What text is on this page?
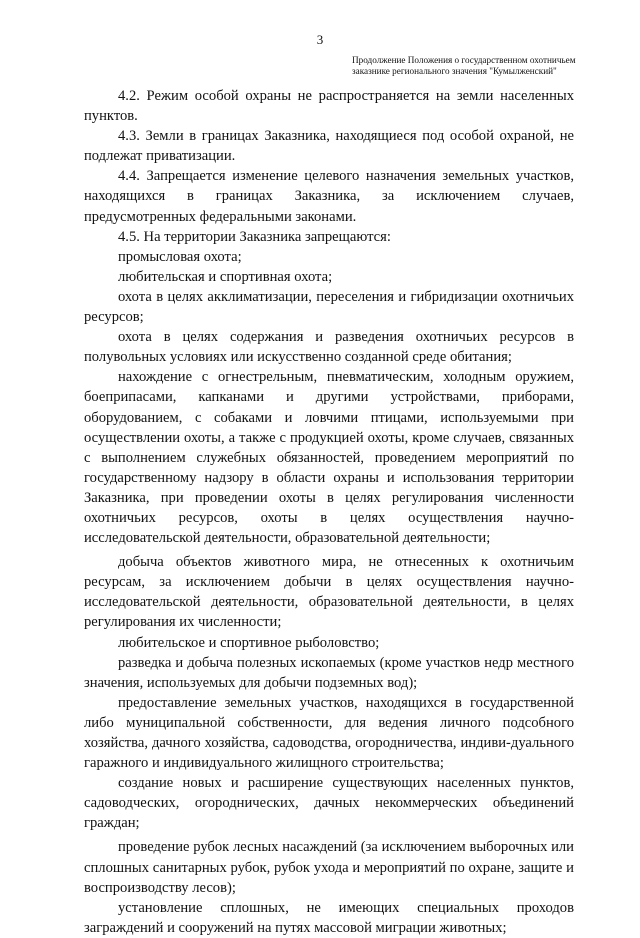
3
Продолжение Положения о государственном охотничьем заказнике регионального значения "Кумылженский"

4.2. Режим особой охраны не распространяется на земли населенных пунктов.

4.3. Земли в границах Заказника, находящиеся под особой охраной, не подлежат приватизации.

4.4. Запрещается изменение целевого назначения земельных участков, находящихся в границах Заказника, за исключением случаев, предусмотренных федеральными законами.

4.5. На территории Заказника запрещаются:

промысловая охота;

любительская и спортивная охота;

охота в целях акклиматизации, переселения и гибридизации охотничьих ресурсов;

охота в целях содержания и разведения охотничьих ресурсов в полувольных условиях или искусственно созданной среде обитания;

нахождение с огнестрельным, пневматическим, холодным оружием, боеприпасами, капканами и другими устройствами, приборами, оборудованием, с собаками и ловчими птицами, используемыми при осуществлении охоты, а также с продукцией охоты, кроме случаев, связанных с выполнением служебных обязанностей, проведением мероприятий по государственному надзору в области охраны и использования территории Заказника, при проведении охоты в целях регулирования численности охотничьих ресурсов, охоты в целях осуществления научно-исследовательской деятельности, образовательной деятельности;

добыча объектов животного мира, не отнесенных к охотничьим ресурсам, за исключением добычи в целях осуществления научно-исследовательской деятельности, образовательной деятельности, в целях регулирования их численности;

любительское и спортивное рыболовство;

разведка и добыча полезных ископаемых (кроме участков недр местного значения, используемых для добычи подземных вод);

предоставление земельных участков, находящихся в государственной либо муниципальной собственности, для ведения личного подсобного хозяйства, дачного хозяйства, садоводства, огородничества, индиви-дуального гаражного и индивидуального жилищного строительства;

создание новых и расширение существующих населенных пунктов, садоводческих, огороднических, дачных некоммерческих объединений граждан;

проведение рубок лесных насаждений (за исключением выборочных или сплошных санитарных рубок, рубок ухода и мероприятий по охране, защите и воспроизводству лесов);

установление сплошных, не имеющих специальных проходов заграждений и сооружений на путях массовой миграции животных;
